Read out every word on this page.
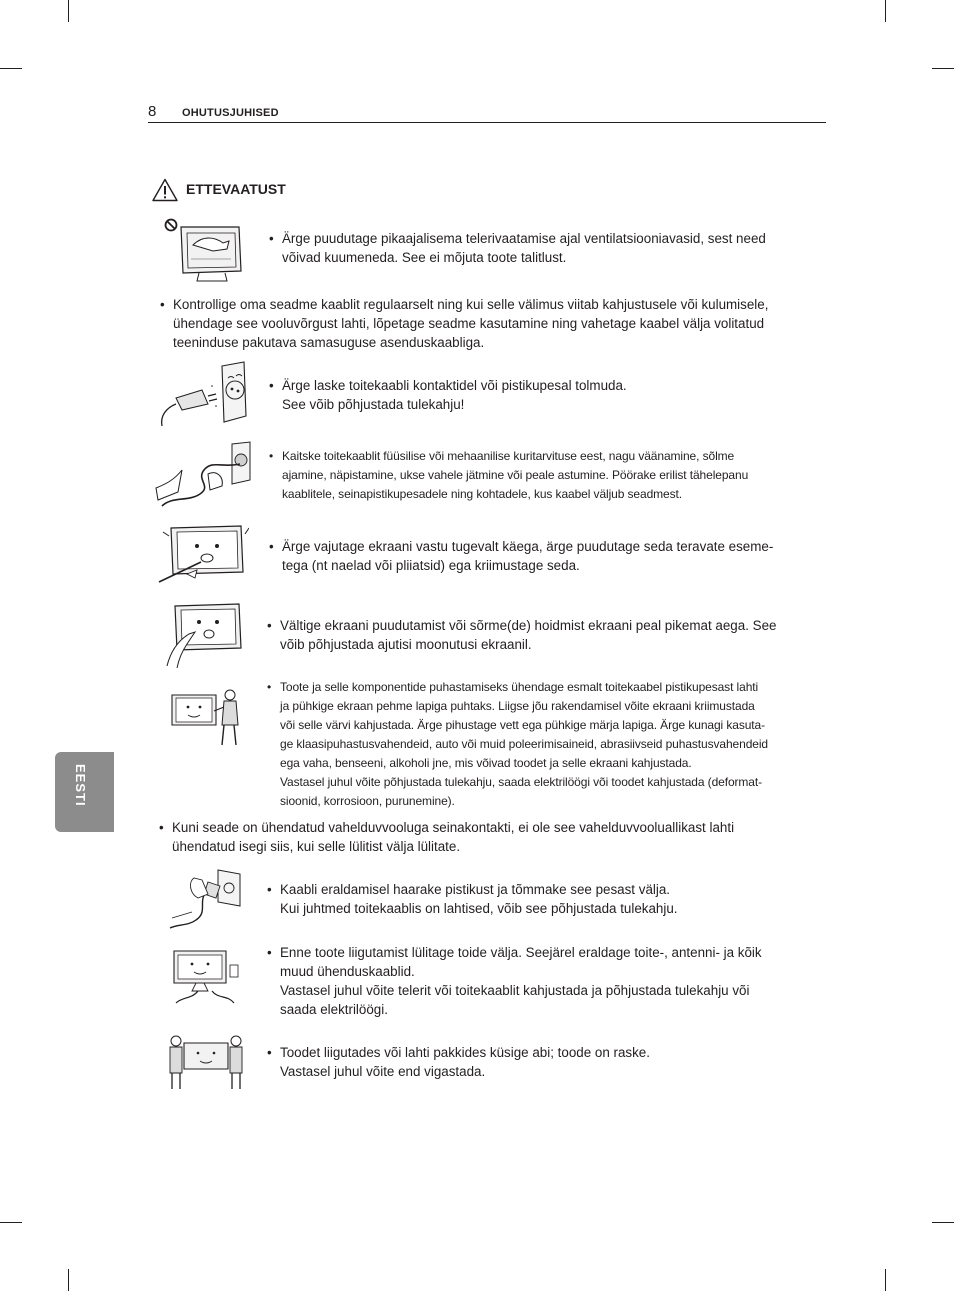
8 OHUTUSJUHISED
ETTEVAATUST
EESTI
• Ärge puudutage pikaajalisema telerivaatamise ajal ventilatsiooniavasid, sest need
võivad kuumeneda. See ei mõjuta toote talitlust.
• Kontrollige oma seadme kaablit regulaarselt ning kui selle välimus viitab kahjustusele või kulumisele,
ühendage see vooluvõrgust lahti, lõpetage seadme kasutamine ning vahetage kaabel välja volitatud
teeninduse pakutava samasuguse asenduskaabliga.
• Ärge laske toitekaabli kontaktidel või pistikupesal tolmuda.
See võib põhjustada tulekahju!
• Kaitske toitekaablit füüsilise või mehaanilise kuritarvituse eest, nagu väänamine, sõlme
ajamine, näpistamine, ukse vahele jätmine või peale astumine. Pöörake erilist tähelepanu
kaablitele, seinapistikupesadele ning kohtadele, kus kaabel väljub seadmest.
• Ärge vajutage ekraani vastu tugevalt käega, ärge puudutage seda teravate eseme-
tega (nt naelad või pliiatsid) ega kriimustage seda.
• Vältige ekraani puudutamist või sõrme(de) hoidmist ekraani peal pikemat aega. See
võib põhjustada ajutisi moonutusi ekraanil.
• Toote ja selle komponentide puhastamiseks ühendage esmalt toitekaabel pistikupesast lahti
ja pühkige ekraan pehme lapiga puhtaks. Liigse jõu rakendamisel võite ekraani kriimustada
või selle värvi kahjustada. Ärge pihustage vett ega pühkige märja lapiga. Ärge kunagi kasuta-
ge klaasipuhastusvahendeid, auto või muid poleerimisaineid, abrasiivseid puhastusvahendeid
ega vaha, benseeni, alkoholi jne, mis võivad toodet ja selle ekraani kahjustada.
Vastasel juhul võite põhjustada tulekahju, saada elektrilöögi või toodet kahjustada (deformat-
sioonid, korrosioon, purunemine).
• Kuni seade on ühendatud vahelduvvooluga seinakontakti, ei ole see vahelduvvooluallikast lahti
ühendatud isegi siis, kui selle lülitist välja lülitate.
• Kaabli eraldamisel haarake pistikust ja tõmmake see pesast välja.
Kui juhtmed toitekaablis on lahtised, võib see põhjustada tulekahju.
• Enne toote liigutamist lülitage toide välja. Seejärel eraldage toite-, antenni- ja kõik
muud ühenduskaablid.
Vastasel juhul võite telerit või toitekaablit kahjustada ja põhjustada tulekahju või
saada elektrilöögi.
• Toodet liigutades või lahti pakkides küsige abi; toode on raske.
Vastasel juhul võite end vigastada.
